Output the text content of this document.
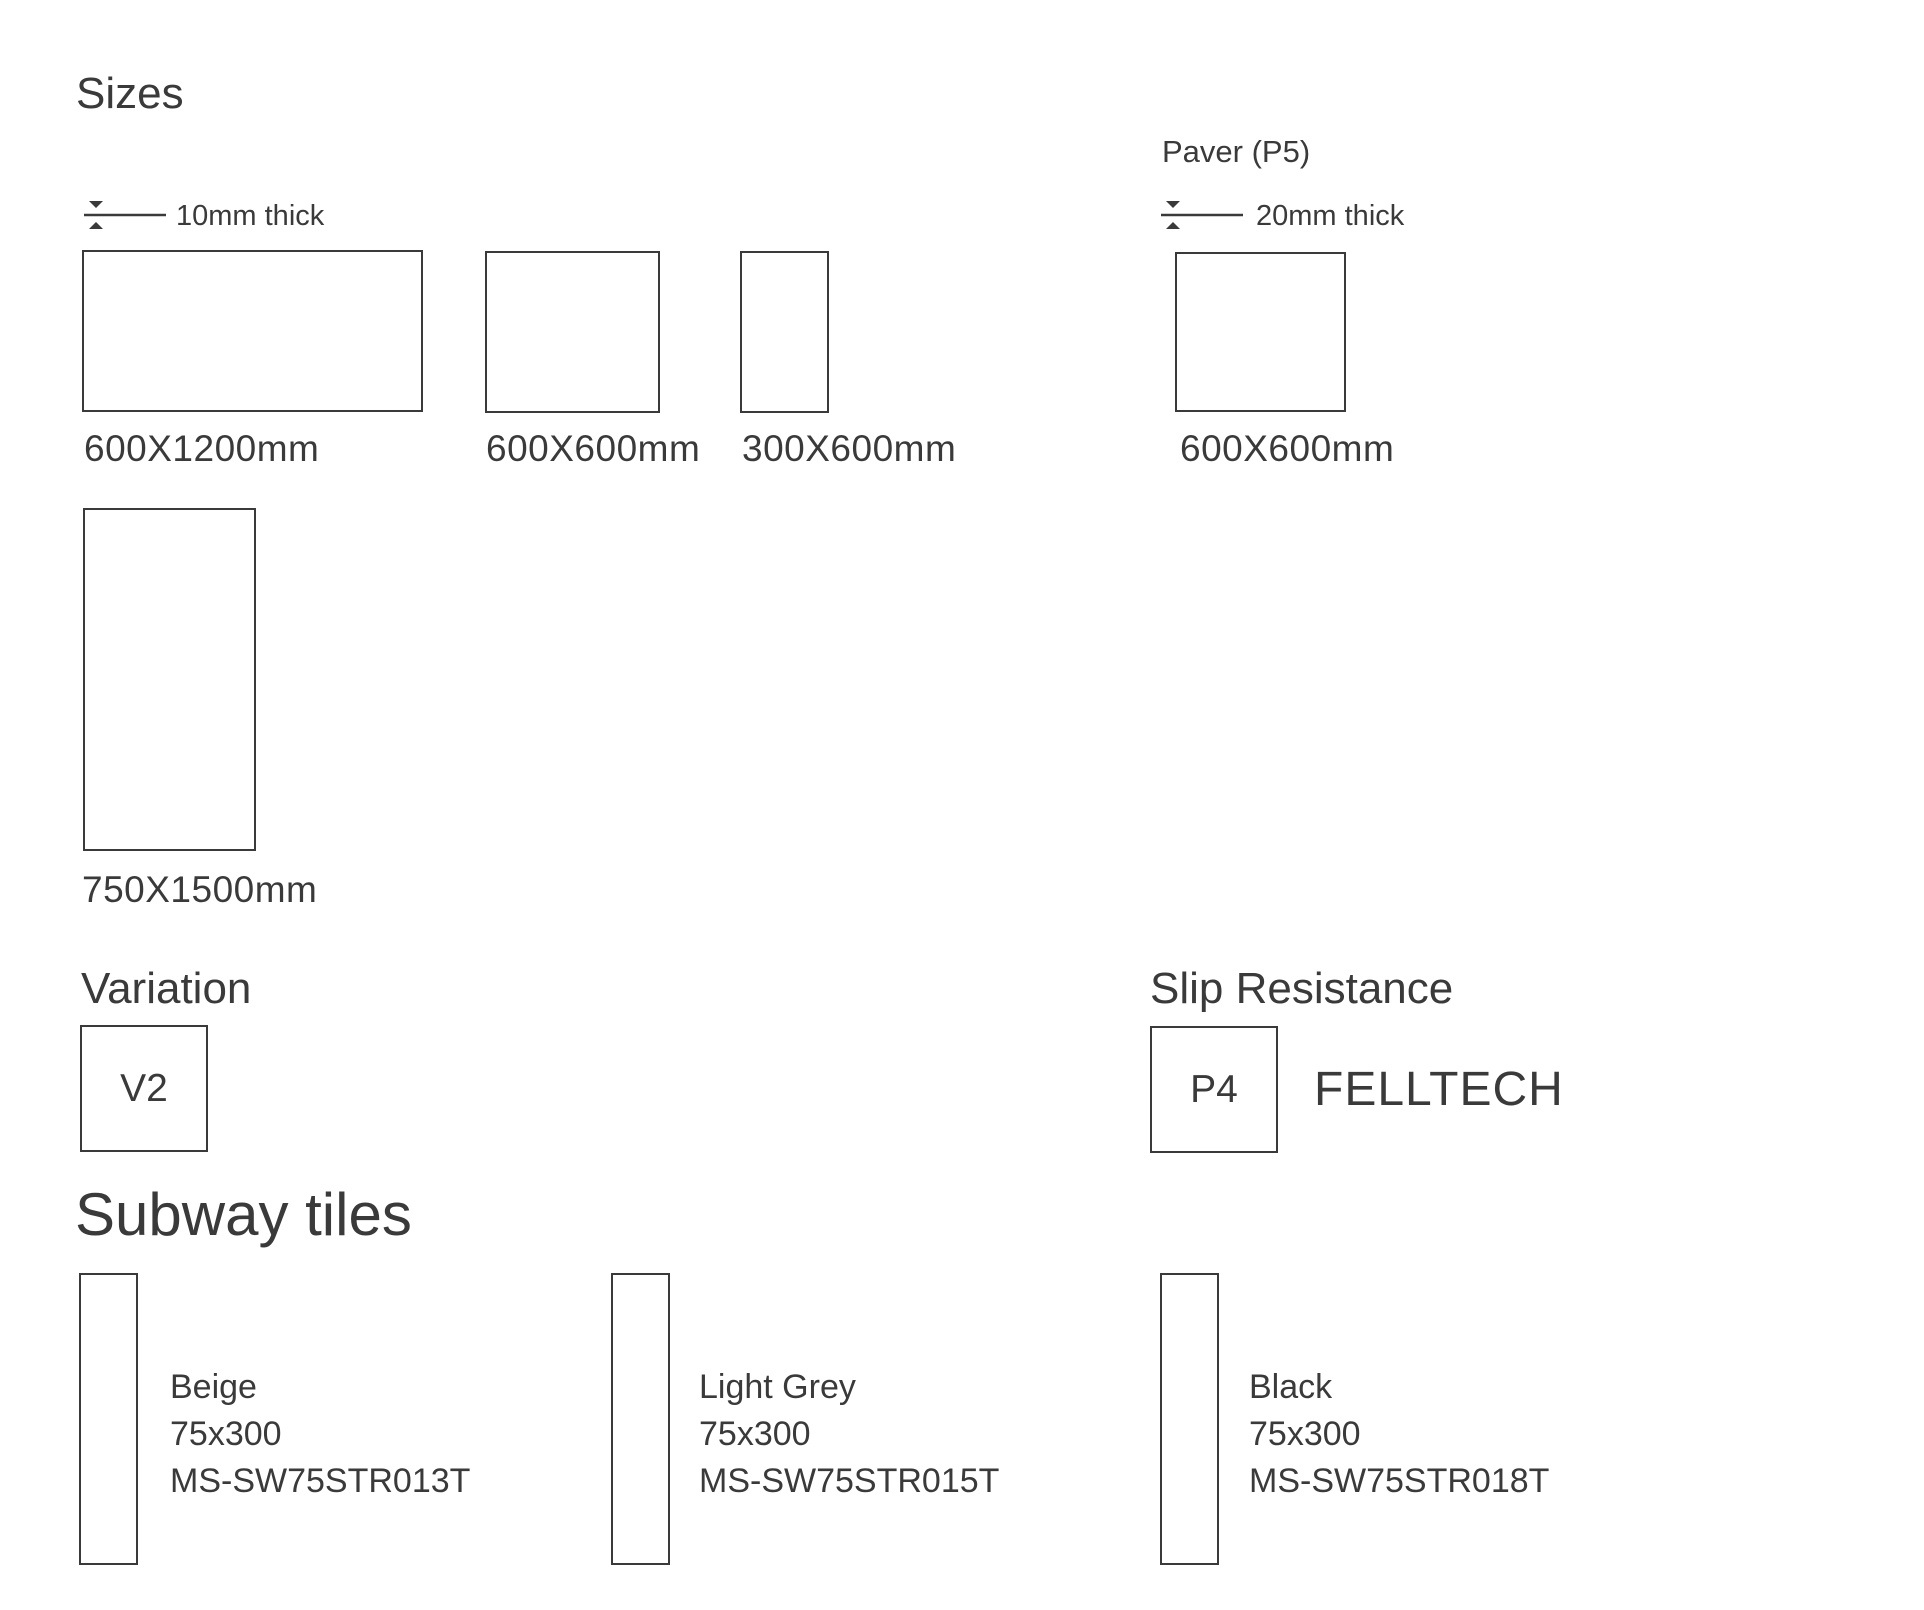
Sizes
10mm thick
600X1200mm	600X600mm 300X600mm
750X1500mm
Paver (P5)
20mm thick
600X600mm
Variation
V2
Slip Resistance
P4 FELLTECH
Subway tiles
Beige
75x300
MS-SW75STR013T
Light Grey
75x300
MS-SW75STR015T
Black
75x300
MS-SW75STR018T
